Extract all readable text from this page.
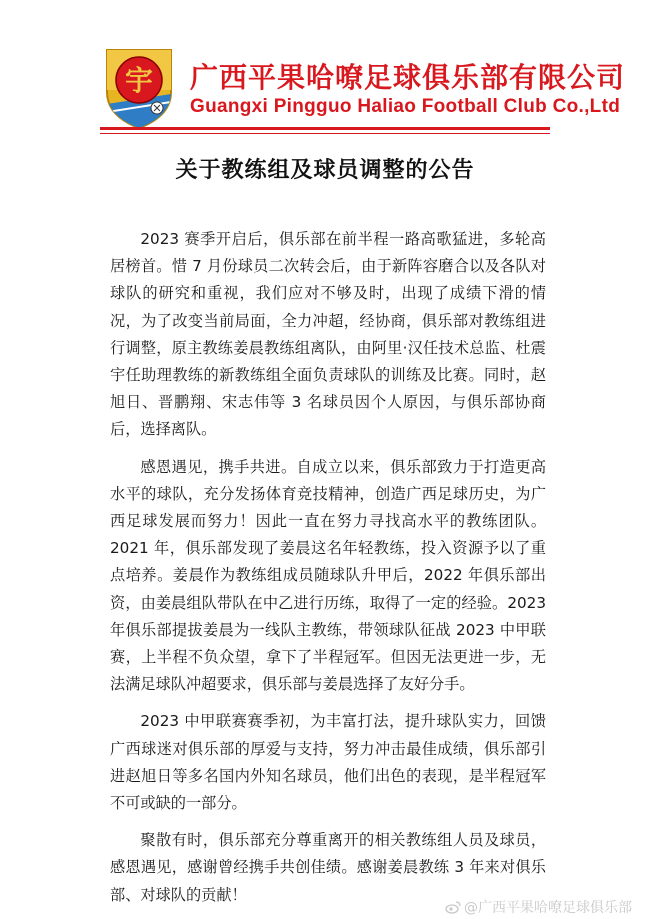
宇 广西平果哈嘹足球俱乐部有限公司
Guangxi Pingguo Haliao Football Club Co.,Ltd
关于教练组及球员调整的公告

2023 赛季开启后，俱乐部在前半程一路高歌猛进，多轮高居榜首。惜 7 月份球员二次转会后，由于新阵容磨合以及各队对球队的研究和重视，我们应对不够及时，出现了成绩下滑的情况，为了改变当前局面，全力冲超，经协商，俱乐部对教练组进行调整，原主教练姜晨教练组离队，由阿里·汉任技术总监、杜震宇任助理教练的新教练组全面负责球队的训练及比赛。同时，赵旭日、晋鹏翔、宋志伟等 3 名球员因个人原因，与俱乐部协商后，选择离队。

感恩遇见，携手共进。自成立以来，俱乐部致力于打造更高水平的球队，充分发扬体育竞技精神，创造广西足球历史，为广西足球发展而努力！因此一直在努力寻找高水平的教练团队。2021 年，俱乐部发现了姜晨这名年轻教练，投入资源予以了重点培养。姜晨作为教练组成员随球队升甲后，2022 年俱乐部出资，由姜晨组队带队在中乙进行历练，取得了一定的经验。2023 年俱乐部提拔姜晨为一线队主教练，带领球队征战 2023 中甲联赛，上半程不负众望，拿下了半程冠军。但因无法更进一步，无法满足球队冲超要求，俱乐部与姜晨选择了友好分手。

2023 中甲联赛赛季初，为丰富打法，提升球队实力，回馈广西球迷对俱乐部的厚爱与支持，努力冲击最佳成绩，俱乐部引进赵旭日等多名国内外知名球员，他们出色的表现，是半程冠军不可或缺的一部分。

聚散有时，俱乐部充分尊重离开的相关教练组人员及球员，感恩遇见，感谢曾经携手共创佳绩。感谢姜晨教练 3 年来对俱乐部、对球队的贡献！

@广西平果哈嘹足球俱乐部
